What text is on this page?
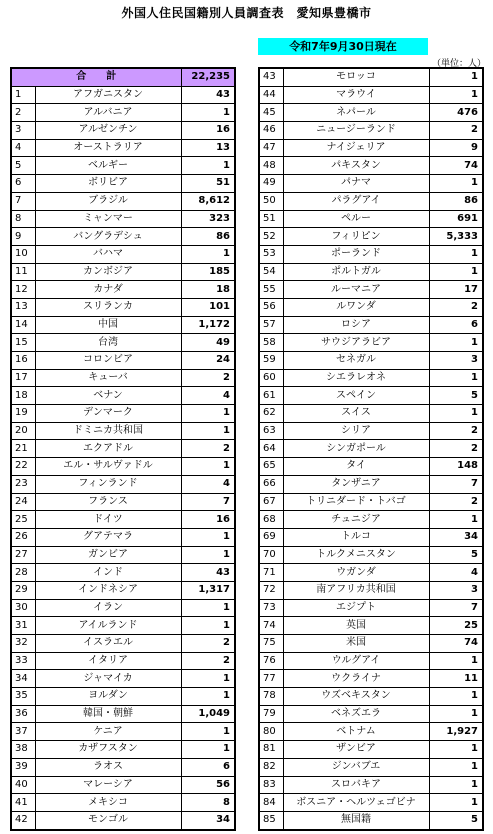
外国人住民国籍別人員調査表　愛知県豊橋市
令和7年9月30日現在
（単位：人）
合　　計		22,235
1	アフガニスタン	43
2	アルバニア	1
3	アルゼンチン	16
4	オーストラリア	13
5	ベルギー	1
6	ボリビア	51
7	ブラジル	8,612
8	ミャンマー	323
9	バングラデシュ	86
10	バハマ	1
11	カンボジア	185
12	カナダ	18
13	スリランカ	101
14	中国	1,172
15	台湾	49
16	コロンビア	24
17	キューバ	2
18	ベナン	4
19	デンマーク	1
20	ドミニカ共和国	1
21	エクアドル	2
22	エル・サルヴァドル	1
23	フィンランド	4
24	フランス	7
25	ドイツ	16
26	グアテマラ	1
27	ガンビア	1
28	インド	43
29	インドネシア	1,317
30	イラン	1
31	アイルランド	1
32	イスラエル	2
33	イタリア	2
34	ジャマイカ	1
35	ヨルダン	1
36	韓国・朝鮮	1,049
37	ケニア	1
38	カザフスタン	1
39	ラオス	6
40	マレーシア	56
41	メキシコ	8
42	モンゴル	34
43	モロッコ	1
44	マラウイ	1
45	ネパール	476
46	ニュージーランド	2
47	ナイジェリア	9
48	パキスタン	74
49	パナマ	1
50	パラグアイ	86
51	ペルー	691
52	フィリピン	5,333
53	ポーランド	1
54	ポルトガル	1
55	ルーマニア	17
56	ルワンダ	2
57	ロシア	6
58	サウジアラビア	1
59	セネガル	3
60	シエラレオネ	1
61	スペイン	5
62	スイス	1
63	シリア	2
64	シンガポール	2
65	タイ	148
66	タンザニア	7
67	トリニダード・トバゴ	2
68	チュニジア	1
69	トルコ	34
70	トルクメニスタン	5
71	ウガンダ	4
72	南アフリカ共和国	3
73	エジプト	7
74	英国	25
75	米国	74
76	ウルグアイ	1
77	ウクライナ	11
78	ウズベキスタン	1
79	ベネズエラ	1
80	ベトナム	1,927
81	ザンビア	1
82	ジンバブエ	1
83	スロバキア	1
84	ボスニア・ヘルツェゴビナ	1
85	無国籍	5
